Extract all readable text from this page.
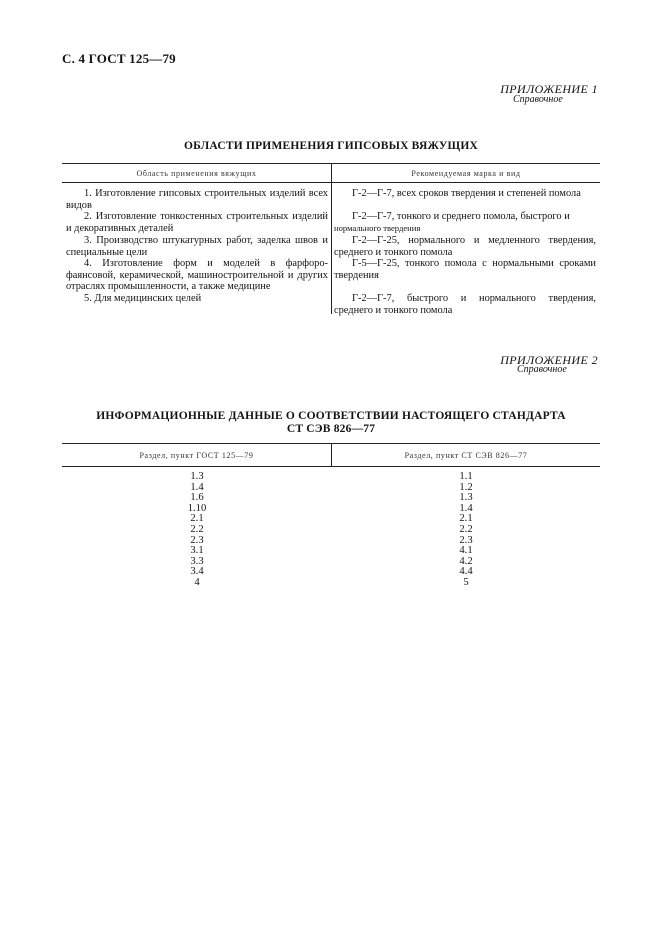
С. 4 ГОСТ 125—79
ПРИЛОЖЕНИЕ 1
Справочное
ОБЛАСТИ ПРИМЕНЕНИЯ ГИПСОВЫХ ВЯЖУЩИХ
Область применения вяжущих	Рекомендуемая марка и вид
1. Изготовление гипсовых строительных изделий всех видов
2. Изготовление тонкостенных строительных изделий и декоративных деталей
3. Производство штукатурных работ, заделка швов и специальные цели
4. Изготовление форм и моделей в фарфоро-фаянсовой, керамической, машиностроительной и других отраслях промышленности, а также медицине
5. Для медицинских целей
Г-2—Г-7, всех сроков твердения и степеней помола
Г-2—Г-7, тонкого и среднего помола, быстрого и
нормального твердения
Г-2—Г-25, нормального и медленного твердения, среднего и тонкого помола
Г-5—Г-25, тонкого помола с нормальными сроками твердения
Г-2—Г-7, быстрого и нормального твердения, среднего и тонкого помола
ПРИЛОЖЕНИЕ 2
Справочное
ИНФОРМАЦИОННЫЕ ДАННЫЕ О СООТВЕТСТВИИ НАСТОЯЩЕГО СТАНДАРТА
СТ СЭВ 826—77
Раздел, пункт ГОСТ 125—79	Раздел, пункт СТ СЭВ 826—77
1.3
1.4
1.6
1.10
2.1
2.2
2.3
3.1
3.3
3.4
4
1.1
1.2
1.3
1.4
2.1
2.2
2.3
4.1
4.2
4.4
5
